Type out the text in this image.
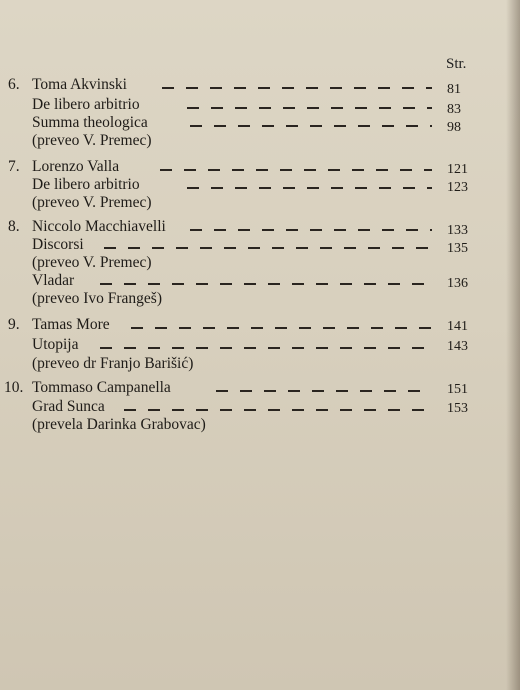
Str.
6. Toma Akvinski	81
De libero arbitrio	83
Summa theologica	98
(preveo V. Premec)
7. Lorenzo Valla	121
De libero arbitrio	123
(preveo V. Premec)
8. Niccolo Macchiavelli	133
Discorsi	135
(preveo V. Premec)
Vladar	136
(preveo Ivo Frangeš)
9. Tamas More	141
Utopija	143
(preveo dr Franjo Barišić)
10. Tommaso Campanella	151
Grad Sunca	153
(prevela Darinka Grabovac)
